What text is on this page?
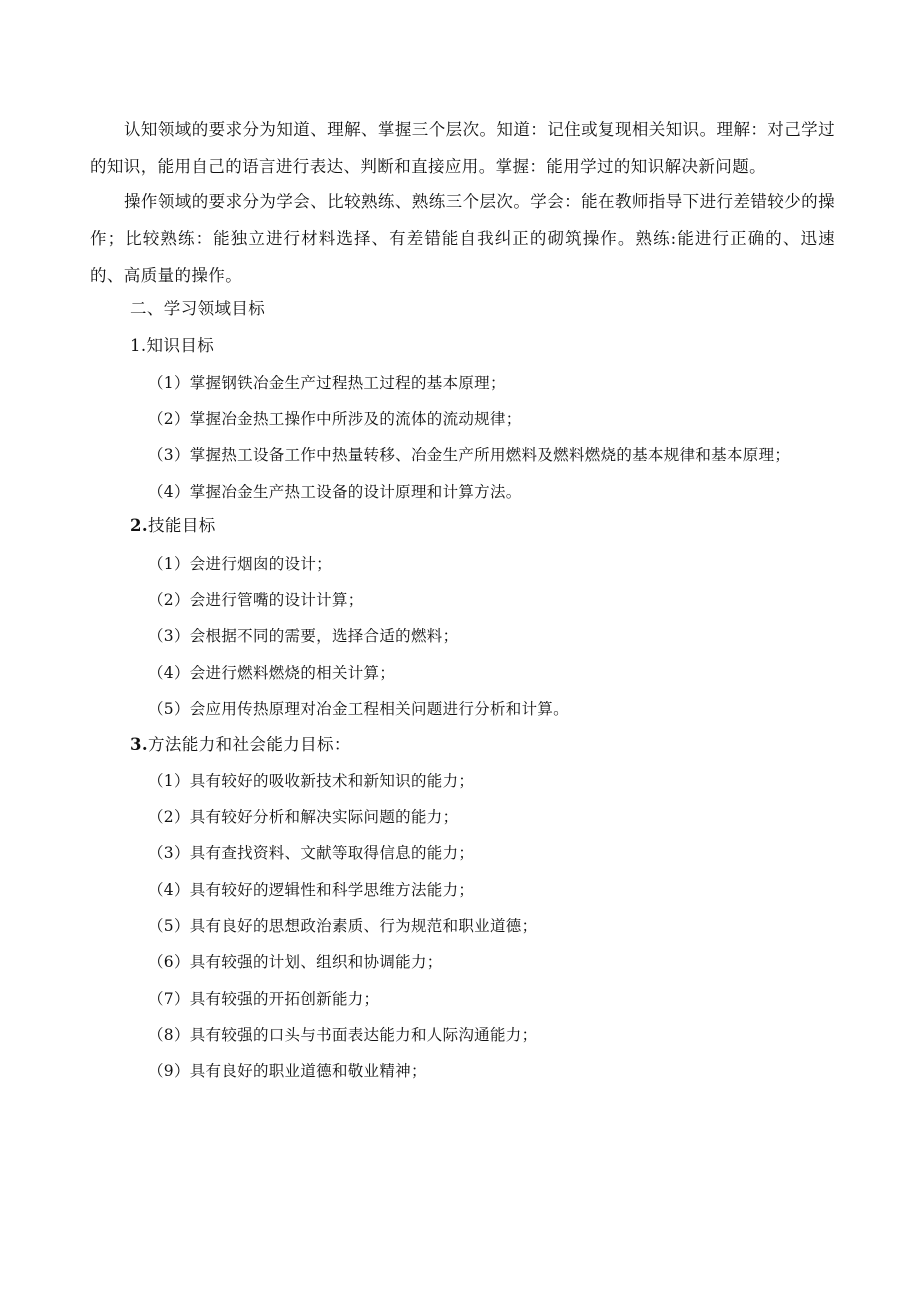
认知领域的要求分为知道、理解、掌握三个层次。知道：记住或复现相关知识。理解：对己学过的知识，能用自己的语言进行表达、判断和直接应用。掌握：能用学过的知识解决新问题。

操作领域的要求分为学会、比较熟练、熟练三个层次。学会：能在教师指导下进行差错较少的操作；比较熟练：能独立进行材料选择、有差错能自我纠正的砌筑操作。熟练:能进行正确的、迅速的、高质量的操作。

二、学习领域目标
1.知识目标
（1）掌握钢铁冶金生产过程热工过程的基本原理；
（2）掌握冶金热工操作中所涉及的流体的流动规律；
（3）掌握热工设备工作中热量转移、冶金生产所用燃料及燃料燃烧的基本规律和基本原理；
（4）掌握冶金生产热工设备的设计原理和计算方法。
2.技能目标
（1）会进行烟囱的设计；
（2）会进行管嘴的设计计算；
（3）会根据不同的需要，选择合适的燃料；
（4）会进行燃料燃烧的相关计算；
（5）会应用传热原理对冶金工程相关问题进行分析和计算。
3.方法能力和社会能力目标：
（1）具有较好的吸收新技术和新知识的能力；
（2）具有较好分析和解决实际问题的能力；
（3）具有查找资料、文献等取得信息的能力；
（4）具有较好的逻辑性和科学思维方法能力；
（5）具有良好的思想政治素质、行为规范和职业道德；
（6）具有较强的计划、组织和协调能力；
（7）具有较强的开拓创新能力；
（8）具有较强的口头与书面表达能力和人际沟通能力；
（9）具有良好的职业道德和敬业精神；
